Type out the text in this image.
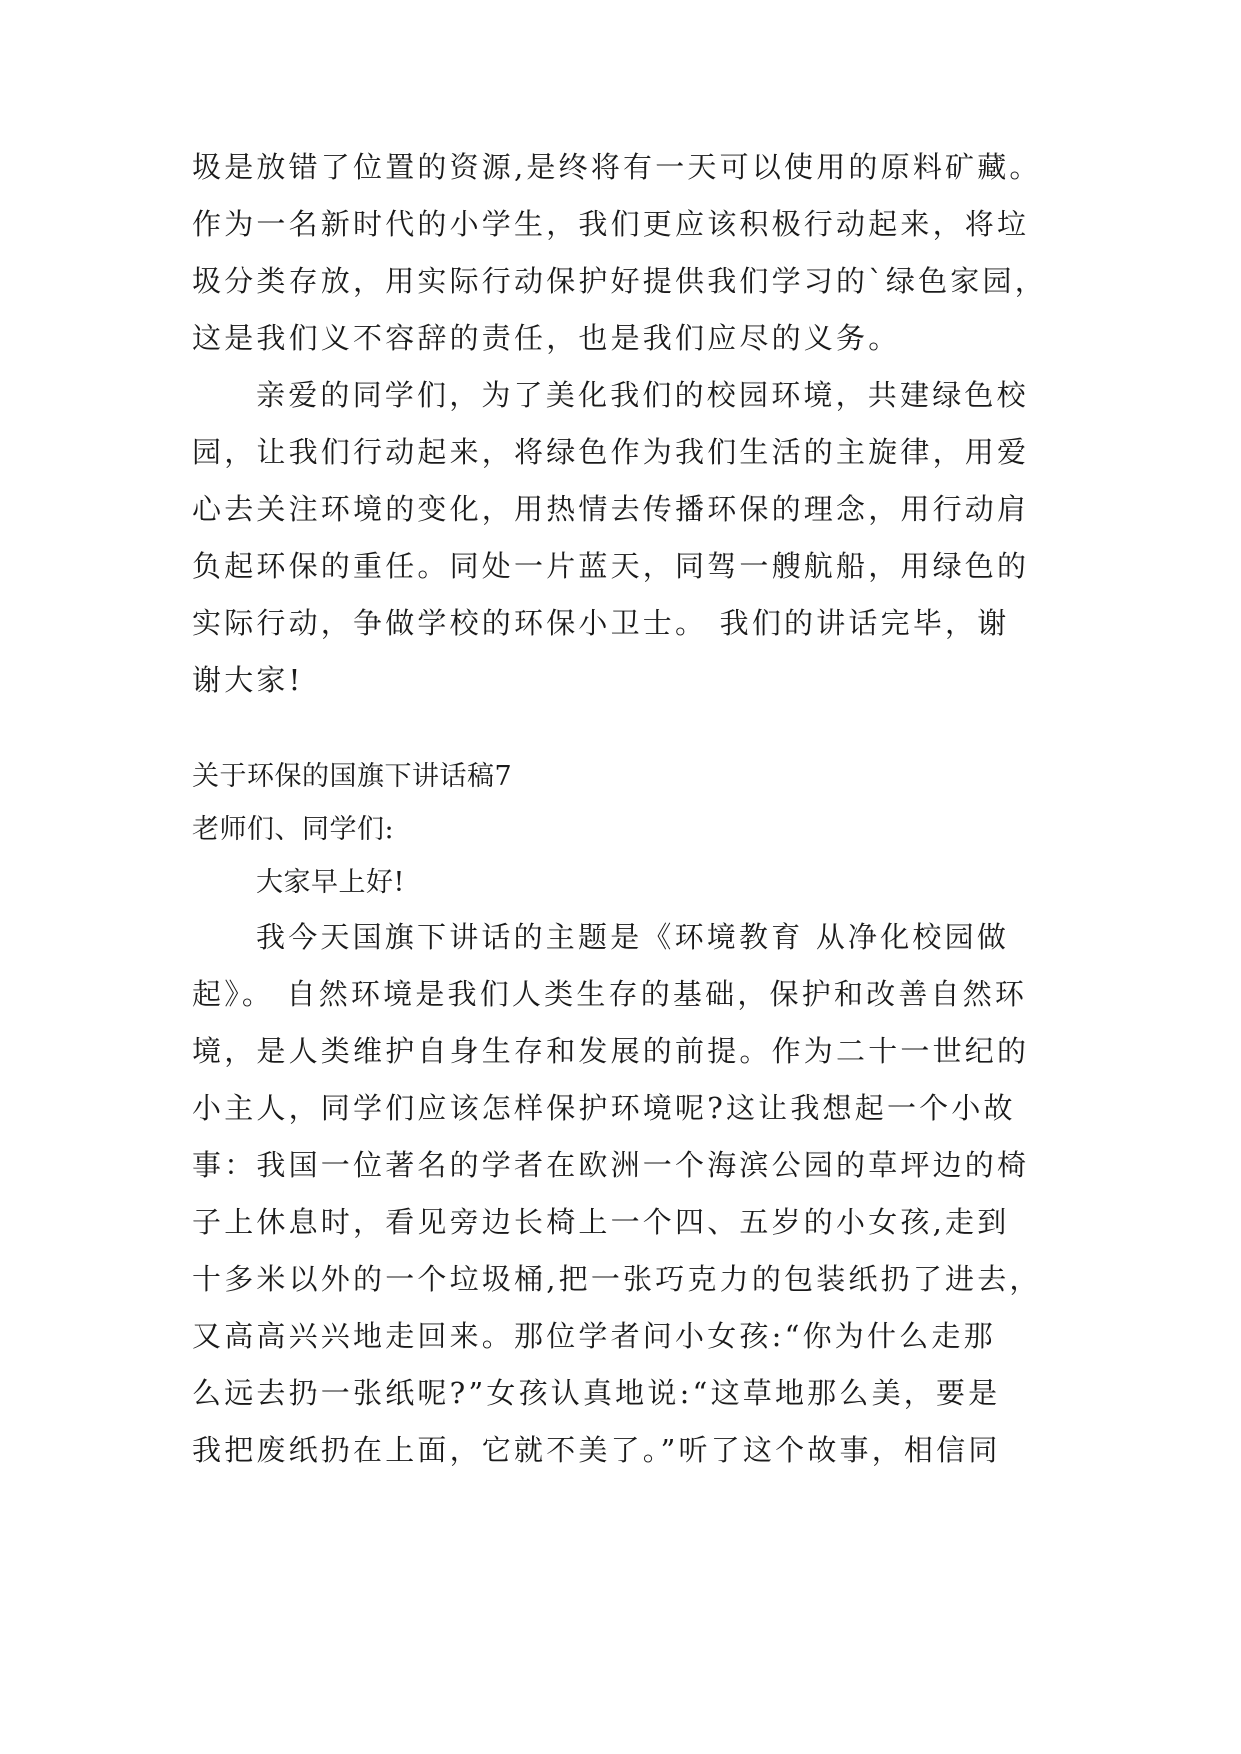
圾是放错了位置的资源,是终将有一天可以使用的原料矿藏。
作为一名新时代的小学生，我们更应该积极行动起来，将垃
圾分类存放，用实际行动保护好提供我们学习的`绿色家园，
这是我们义不容辞的责任，也是我们应尽的义务。
亲爱的同学们，为了美化我们的校园环境，共建绿色校
园，让我们行动起来，将绿色作为我们生活的主旋律，用爱
心去关注环境的变化，用热情去传播环保的理念，用行动肩
负起环保的重任。同处一片蓝天，同驾一艘航船，用绿色的
实际行动，争做学校的环保小卫士。 我们的讲话完毕，谢
谢大家!
关于环保的国旗下讲话稿7
老师们、同学们:
大家早上好!
我今天国旗下讲话的主题是《环境教育 从净化校园做
起》。 自然环境是我们人类生存的基础，保护和改善自然环
境，是人类维护自身生存和发展的前提。作为二十一世纪的
小主人，同学们应该怎样保护环境呢?这让我想起一个小故
事：我国一位著名的学者在欧洲一个海滨公园的草坪边的椅
子上休息时，看见旁边长椅上一个四、五岁的小女孩,走到
十多米以外的一个垃圾桶,把一张巧克力的包装纸扔了进去，
又高高兴兴地走回来。那位学者问小女孩:“你为什么走那
么远去扔一张纸呢?”女孩认真地说:“这草地那么美，要是
我把废纸扔在上面，它就不美了。”听了这个故事，相信同
